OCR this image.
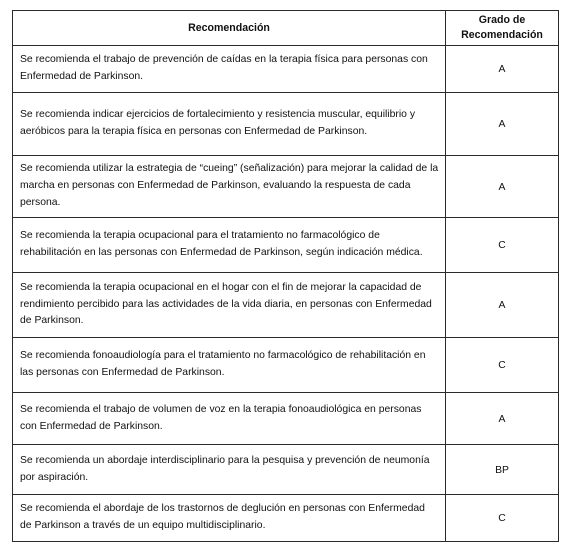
Recomendación	Grado de
Recomendación
Se recomienda el trabajo de prevención de caídas en la terapia física para personas con Enfermedad de Parkinson.	A
Se recomienda indicar ejercicios de fortalecimiento y resistencia muscular, equilibrio y aeróbicos para la terapia física en personas con Enfermedad de Parkinson.	A
Se recomienda utilizar la estrategia de “cueing” (señalización) para mejorar la calidad de la marcha en personas con Enfermedad de Parkinson, evaluando la respuesta de cada persona.	A
Se recomienda la terapia ocupacional para el tratamiento no farmacológico de rehabilitación en las personas con Enfermedad de Parkinson, según indicación médica.	C
Se recomienda la terapia ocupacional en el hogar con el fin de mejorar la capacidad de rendimiento percibido para las actividades de la vida diaria, en personas con Enfermedad de Parkinson.	A
Se recomienda fonoaudiología para el tratamiento no farmacológico de rehabilitación en las personas con Enfermedad de Parkinson.	C
Se recomienda el trabajo de volumen de voz en la terapia fonoaudiológica en personas con Enfermedad de Parkinson.	A
Se recomienda un abordaje interdisciplinario para la pesquisa y prevención de neumonía por aspiración.	BP
Se recomienda el abordaje de los trastornos de deglución en personas con Enfermedad de Parkinson a través de un equipo multidisciplinario.	C
